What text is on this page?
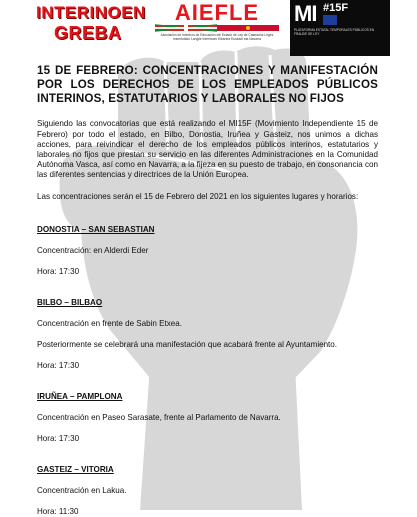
INTERINOEN
GREBA
AIEFLE
Asociación de Interinos de Educación del Estado de Ley de Castrados Legez Inseritutako Langile Interinoen Elkartea Euskadi eta Navarra
MI #15F
PLATAFORMA ESTATAL TEMPORALES PÚBLICOS EN FRAUDE DE LEY
15 DE FEBRERO: CONCENTRACIONES Y MANIFESTACIÓN POR LOS DERECHOS DE LOS EMPLEADOS PÚBLICOS INTERINOS, ESTATUTARIOS Y LABORALES NO FIJOS
Siguiendo las convocatorias que está realizando el MI15F (Movimiento Independiente 15 de Febrero) por todo el estado, en Bilbo, Donostia, Iruñea y Gasteiz, nos unimos a dichas acciones, para reivindicar el derecho de los empleados públicos interinos, estatutarios y laborales no fijos que prestan su servicio en las diferentes Administraciones en la Comunidad Autónoma Vasca, así como en Navarra, a la fijeza en su puesto de trabajo, en consonancia con las diferentes sentencias y directrices de la Unión Europea.
Las concentraciones serán el 15 de Febrero del 2021 en los siguientes lugares y horarios:
DONOSTIA – SAN SEBASTIAN
Concentración: en Alderdi Eder
Hora: 17:30
BILBO – BILBAO
Concentración en frente de Sabin Etxea.
Posteriormente se celebrará una manifestación que acabará frente al Ayuntamiento.
Hora: 17:30
IRUÑEA – PAMPLONA
Concentración en Paseo Sarasate, frente al Parlamento de Navarra.
Hora: 17:30
GASTEIZ – VITORIA
Concentración en Lakua.
Hora: 11:30
